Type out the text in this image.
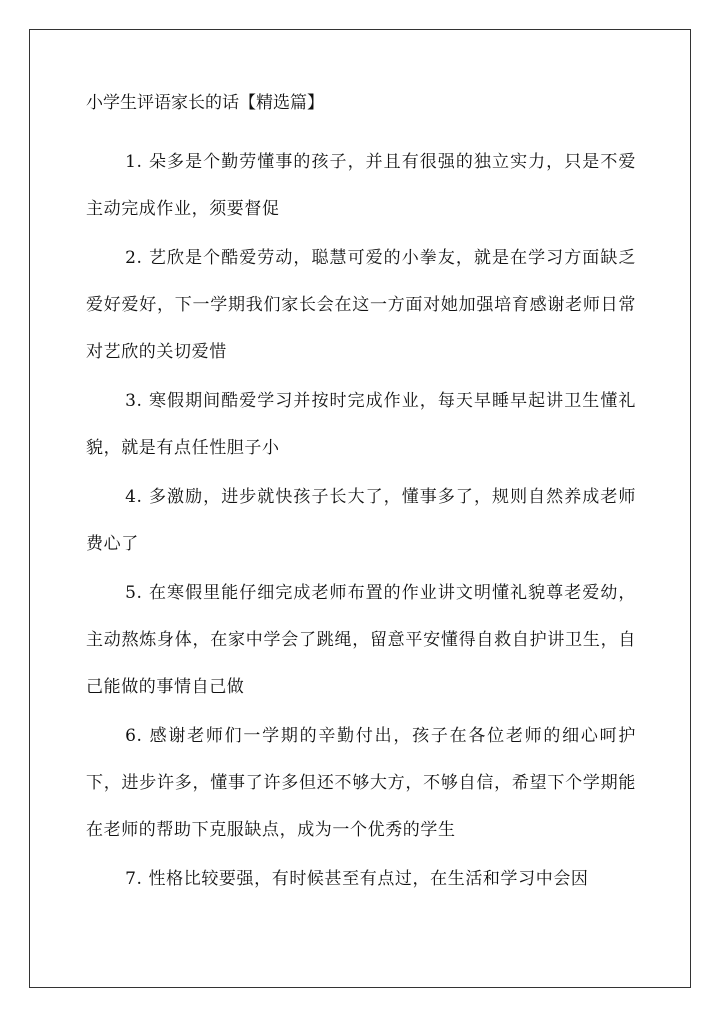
小学生评语家长的话【精选篇】

1. 朵多是个勤劳懂事的孩子，并且有很强的独立实力，只是不爱主动完成作业，须要督促

2. 艺欣是个酷爱劳动，聪慧可爱的小拳友，就是在学习方面缺乏爱好爱好，下一学期我们家长会在这一方面对她加强培育感谢老师日常对艺欣的关切爱惜

3. 寒假期间酷爱学习并按时完成作业，每天早睡早起讲卫生懂礼貌，就是有点任性胆子小

4. 多激励，进步就快孩子长大了，懂事多了，规则自然养成老师费心了

5. 在寒假里能仔细完成老师布置的作业讲文明懂礼貌尊老爱幼，主动熬炼身体，在家中学会了跳绳，留意平安懂得自救自护讲卫生，自己能做的事情自己做

6. 感谢老师们一学期的辛勤付出，孩子在各位老师的细心呵护下，进步许多，懂事了许多但还不够大方，不够自信，希望下个学期能在老师的帮助下克服缺点，成为一个优秀的学生

7. 性格比较要强，有时候甚至有点过，在生活和学习中会因
